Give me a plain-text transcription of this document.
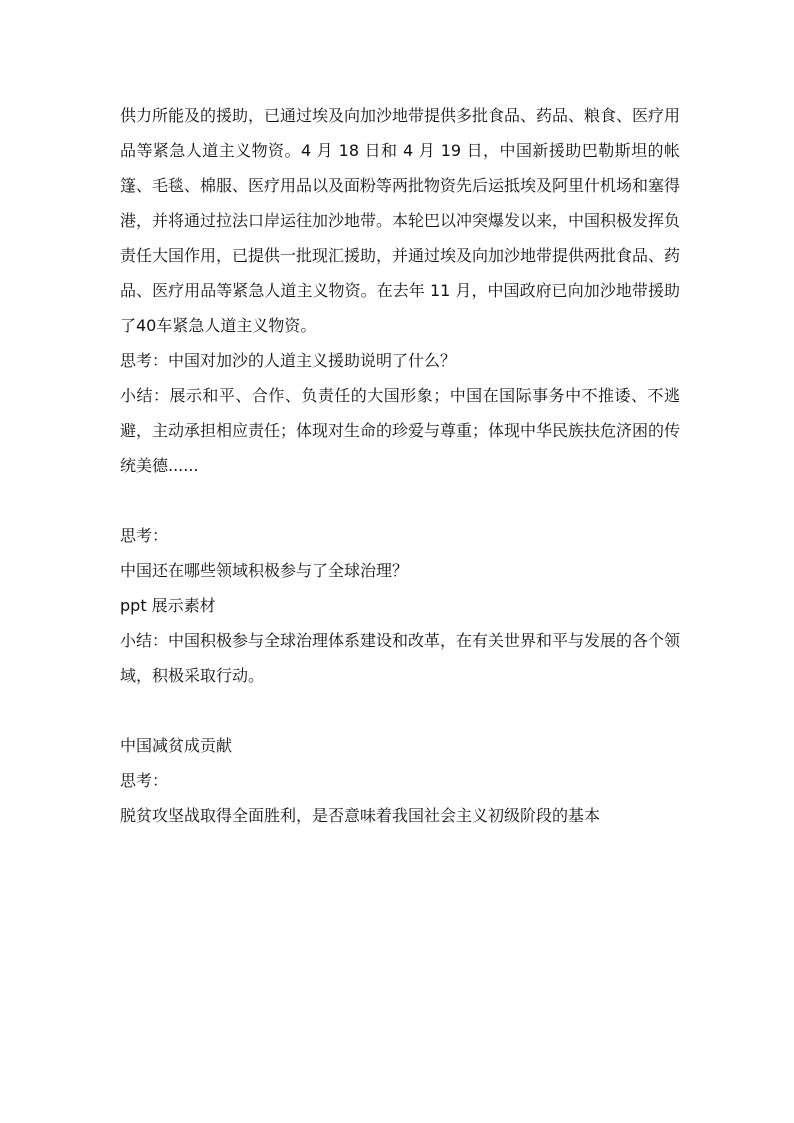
供力所能及的援助，已通过埃及向加沙地带提供多批食品、药品、粮食、医疗用品等紧急人道主义物资。4 月 18 日和 4 月 19 日，中国新援助巴勒斯坦的帐篷、毛毯、棉服、医疗用品以及面粉等两批物资先后运抵埃及阿里什机场和塞得港，并将通过拉法口岸运往加沙地带。本轮巴以冲突爆发以来，中国积极发挥负责任大国作用，已提供一批现汇援助，并通过埃及向加沙地带提供两批食品、药品、医疗用品等紧急人道主义物资。在去年 11 月，中国政府已向加沙地带援助了40车紧急人道主义物资。

思考：中国对加沙的人道主义援助说明了什么？

小结：展示和平、合作、负责任的大国形象；中国在国际事务中不推诿、不逃避，主动承担相应责任；体现对生命的珍爱与尊重；体现中华民族扶危济困的传统美德......

思考：

中国还在哪些领域积极参与了全球治理？

ppt 展示素材

小结：中国积极参与全球治理体系建设和改革，在有关世界和平与发展的各个领域，积极采取行动。

中国减贫成贡献

思考：

脱贫攻坚战取得全面胜利，是否意味着我国社会主义初级阶段的基本
